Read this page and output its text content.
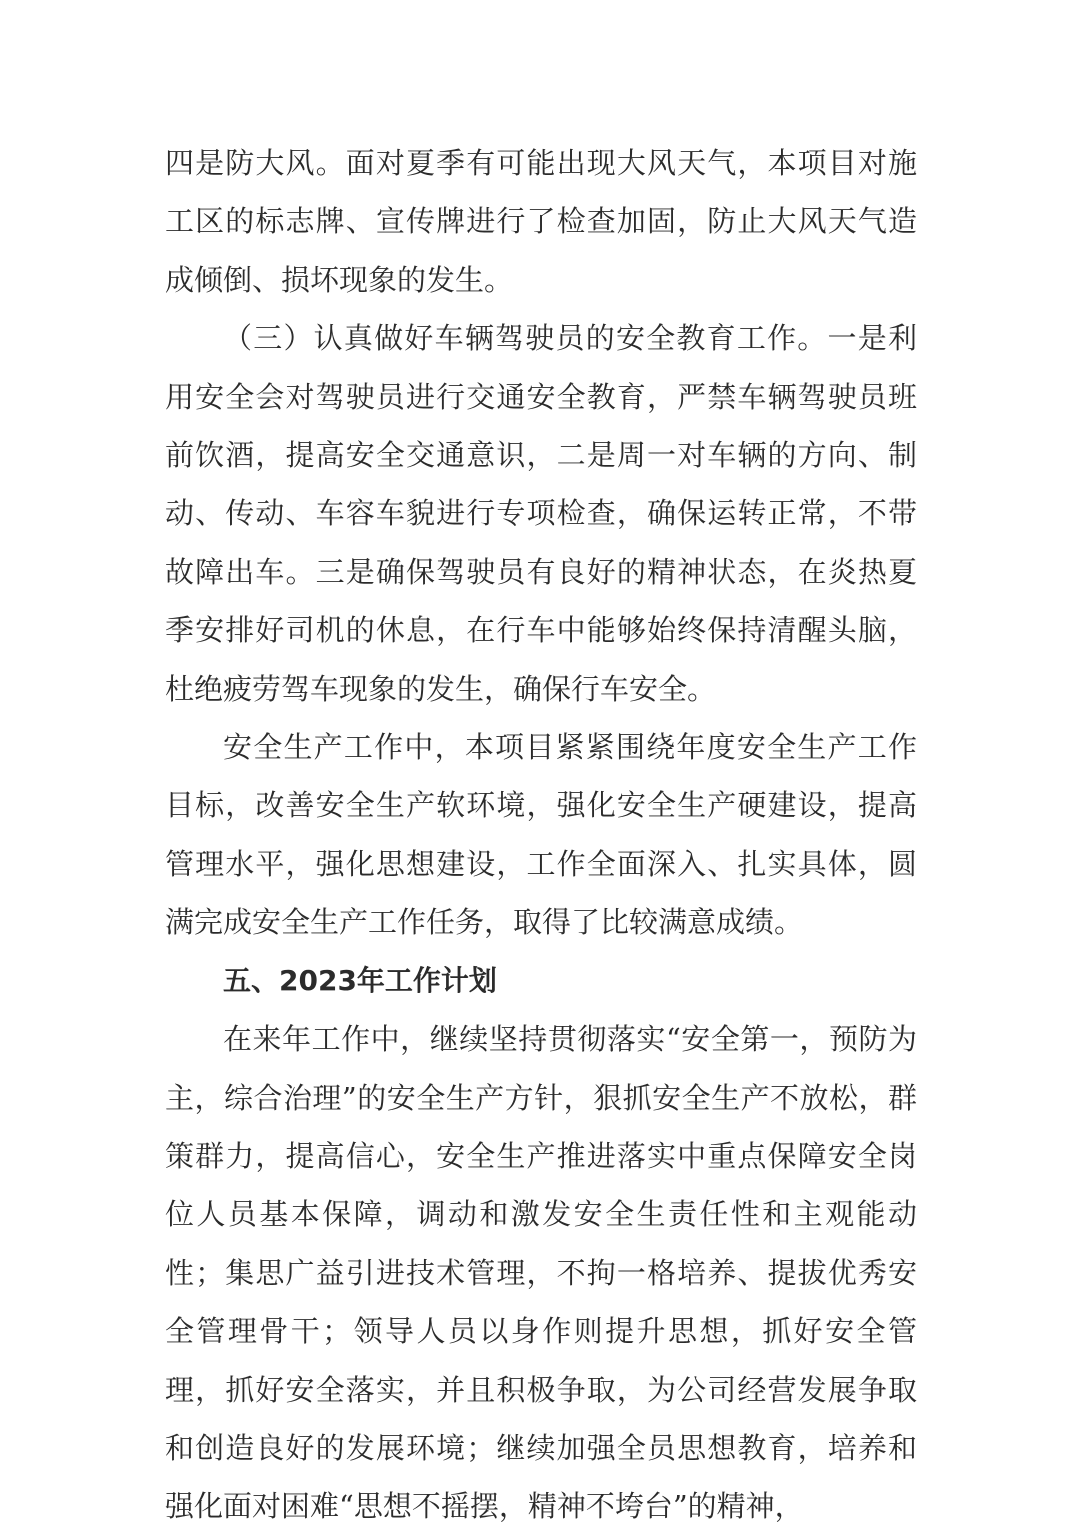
四是防大风。面对夏季有可能出现大风天气，本项目对施工区的标志牌、宣传牌进行了检查加固，防止大风天气造成倾倒、损坏现象的发生。

（三）认真做好车辆驾驶员的安全教育工作。一是利用安全会对驾驶员进行交通安全教育，严禁车辆驾驶员班前饮酒，提高安全交通意识，二是周一对车辆的方向、制动、传动、车容车貌进行专项检查，确保运转正常，不带故障出车。三是确保驾驶员有良好的精神状态，在炎热夏季安排好司机的休息，在行车中能够始终保持清醒头脑，杜绝疲劳驾车现象的发生，确保行车安全。

安全生产工作中，本项目紧紧围绕年度安全生产工作目标，改善安全生产软环境，强化安全生产硬建设，提高管理水平，强化思想建设，工作全面深入、扎实具体，圆满完成安全生产工作任务，取得了比较满意成绩。

五、2023年工作计划

在来年工作中，继续坚持贯彻落实“安全第一，预防为主，综合治理”的安全生产方针，狠抓安全生产不放松，群策群力，提高信心，安全生产推进落实中重点保障安全岗位人员基本保障，调动和激发安全生责任性和主观能动性；集思广益引进技术管理，不拘一格培养、提拔优秀安全管理骨干；领导人员以身作则提升思想，抓好安全管理，抓好安全落实，并且积极争取，为公司经营发展争取和创造良好的发展环境；继续加强全员思想教育，培养和强化面对困难“思想不摇摆，精神不垮台”的精神，
